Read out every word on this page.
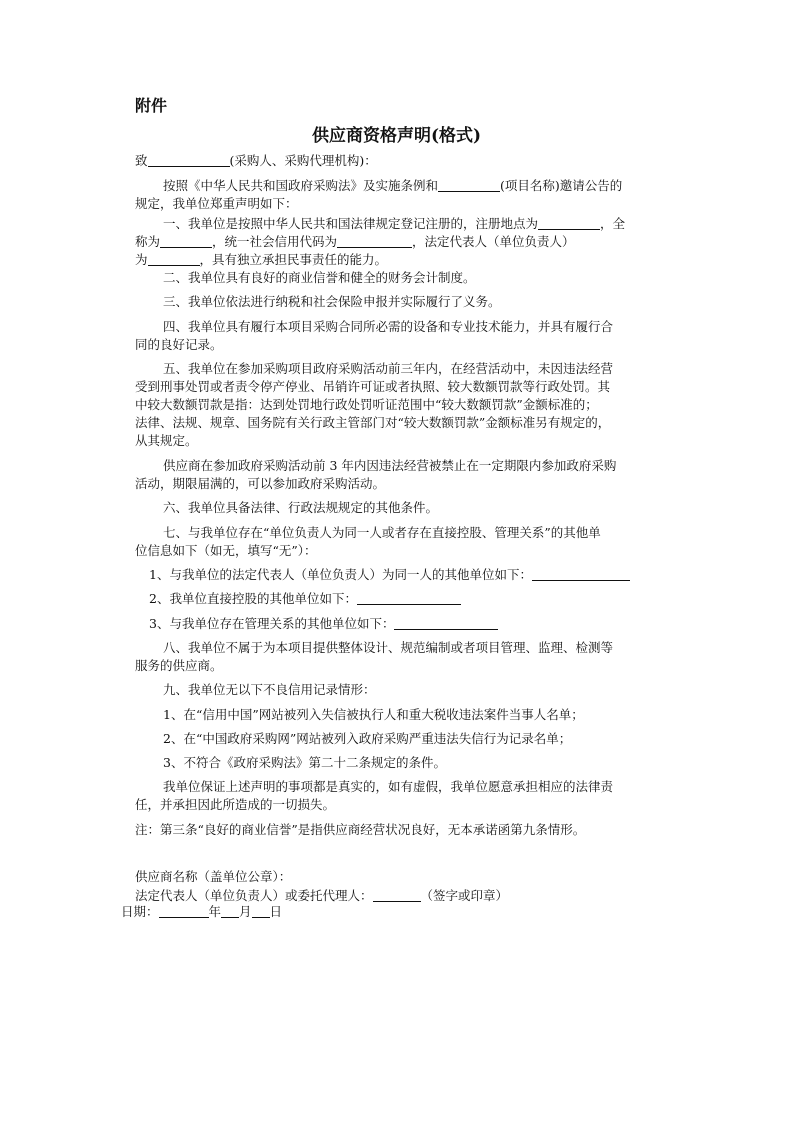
附件
供应商资格声明(格式)
致	(采购人、采购代理机构)：
按照《中华人民共和国政府采购法》及实施条例和	(项目名称)邀请公告的
规定，我单位郑重声明如下：
一、我单位是按照中华人民共和国法律规定登记注册的，注册地点为	，全
称为	，统一社会信用代码为	，法定代表人（单位负责人）
为	，具有独立承担民事责任的能力。
二、我单位具有良好的商业信誉和健全的财务会计制度。
三、我单位依法进行纳税和社会保险申报并实际履行了义务。
四、我单位具有履行本项目采购合同所必需的设备和专业技术能力，并具有履行合
同的良好记录。
五、我单位在参加采购项目政府采购活动前三年内，在经营活动中，未因违法经营
受到刑事处罚或者责令停产停业、吊销许可证或者执照、较大数额罚款等行政处罚。其
中较大数额罚款是指：达到处罚地行政处罚听证范围中“较大数额罚款”金额标准的；
法律、法规、规章、国务院有关行政主管部门对“较大数额罚款”金额标准另有规定的，
从其规定。
供应商在参加政府采购活动前 3 年内因违法经营被禁止在一定期限内参加政府采购
活动，期限届满的，可以参加政府采购活动。
六、我单位具备法律、行政法规规定的其他条件。
七、与我单位存在“单位负责人为同一人或者存在直接控股、管理关系”的其他单
位信息如下（如无，填写“无”）：
1、与我单位的法定代表人（单位负责人）为同一人的其他单位如下：
2、我单位直接控股的其他单位如下：
3、与我单位存在管理关系的其他单位如下：
八、我单位不属于为本项目提供整体设计、规范编制或者项目管理、监理、检测等
服务的供应商。
九、我单位无以下不良信用记录情形：
1、在“信用中国”网站被列入失信被执行人和重大税收违法案件当事人名单；
2、在“中国政府采购网”网站被列入政府采购严重违法失信行为记录名单；
3、不符合《政府采购法》第二十二条规定的条件。
我单位保证上述声明的事项都是真实的，如有虚假，我单位愿意承担相应的法律责
任，并承担因此所造成的一切损失。
注：第三条“良好的商业信誉”是指供应商经营状况良好，无本承诺函第九条情形。
供应商名称（盖单位公章）：
法定代表人（单位负责人）或委托代理人：	（签字或印章）
日期：	年 月 日
